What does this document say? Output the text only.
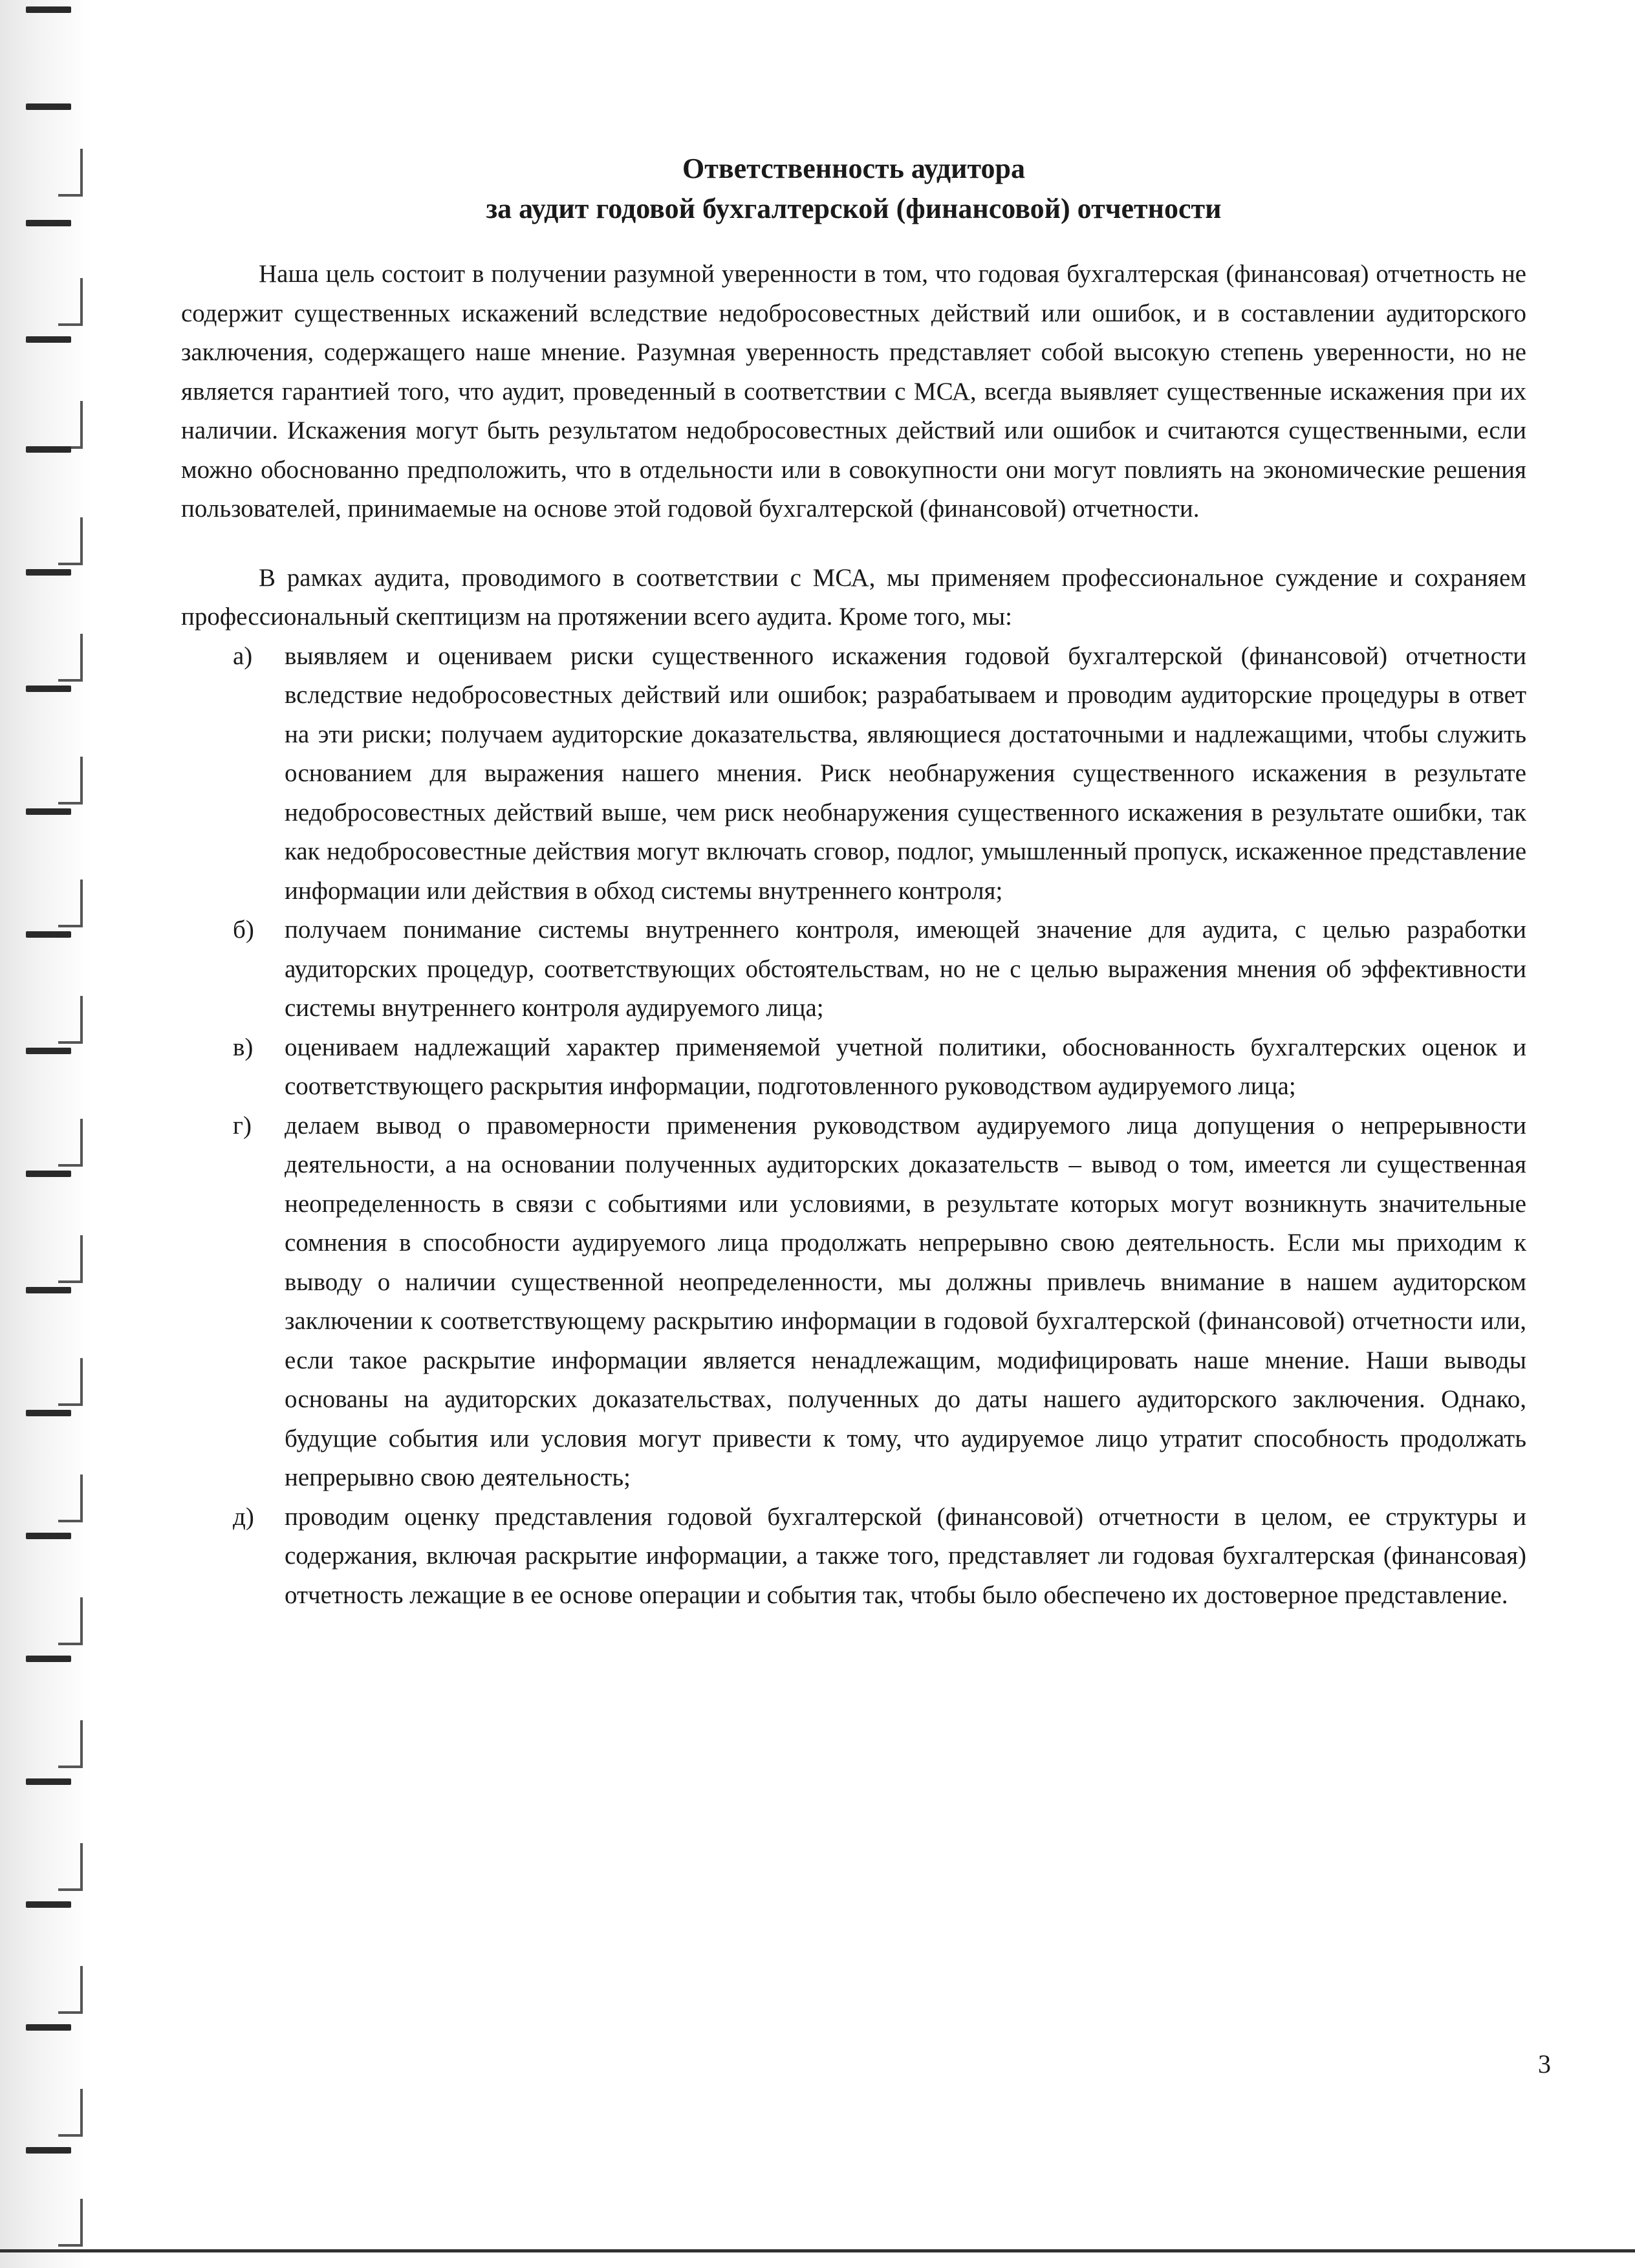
Ответственность аудитора
за аудит годовой бухгалтерской (финансовой) отчетности

Наша цель состоит в получении разумной уверенности в том, что годовая бухгалтерская (финансовая) отчетность не содержит существенных искажений вследствие недобросовестных действий или ошибок, и в составлении аудиторского заключения, содержащего наше мнение. Разумная уверенность представляет собой высокую степень уверенности, но не является гарантией того, что аудит, проведенный в соответствии с МСА, всегда выявляет существенные искажения при их наличии. Искажения могут быть результатом недобросовестных действий или ошибок и считаются существенными, если можно обоснованно предположить, что в отдельности или в совокупности они могут повлиять на экономические решения пользователей, принимаемые на основе этой годовой бухгалтерской (финансовой) отчетности.

В рамках аудита, проводимого в соответствии с МСА, мы применяем профессиональное суждение и сохраняем профессиональный скептицизм на протяжении всего аудита. Кроме того, мы:

а) выявляем и оцениваем риски существенного искажения годовой бухгалтерской (финансовой) отчетности вследствие недобросовестных действий или ошибок; разрабатываем и проводим аудиторские процедуры в ответ на эти риски; получаем аудиторские доказательства, являющиеся достаточными и надлежащими, чтобы служить основанием для выражения нашего мнения. Риск необнаружения существенного искажения в результате недобросовестных действий выше, чем риск необнаружения существенного искажения в результате ошибки, так как недобросовестные действия могут включать сговор, подлог, умышленный пропуск, искаженное представление информации или действия в обход системы внутреннего контроля;
б) получаем понимание системы внутреннего контроля, имеющей значение для аудита, с целью разработки аудиторских процедур, соответствующих обстоятельствам, но не с целью выражения мнения об эффективности системы внутреннего контроля аудируемого лица;
в) оцениваем надлежащий характер применяемой учетной политики, обоснованность бухгалтерских оценок и соответствующего раскрытия информации, подготовленного руководством аудируемого лица;
г) делаем вывод о правомерности применения руководством аудируемого лица допущения о непрерывности деятельности, а на основании полученных аудиторских доказательств – вывод о том, имеется ли существенная неопределенность в связи с событиями или условиями, в результате которых могут возникнуть значительные сомнения в способности аудируемого лица продолжать непрерывно свою деятельность. Если мы приходим к выводу о наличии существенной неопределенности, мы должны привлечь внимание в нашем аудиторском заключении к соответствующему раскрытию информации в годовой бухгалтерской (финансовой) отчетности или, если такое раскрытие информации является ненадлежащим, модифицировать наше мнение. Наши выводы основаны на аудиторских доказательствах, полученных до даты нашего аудиторского заключения. Однако, будущие события или условия могут привести к тому, что аудируемое лицо утратит способность продолжать непрерывно свою деятельность;
д) проводим оценку представления годовой бухгалтерской (финансовой) отчетности в целом, ее структуры и содержания, включая раскрытие информации, а также того, представляет ли годовая бухгалтерская (финансовая) отчетность лежащие в ее основе операции и события так, чтобы было обеспечено их достоверное представление.
3
